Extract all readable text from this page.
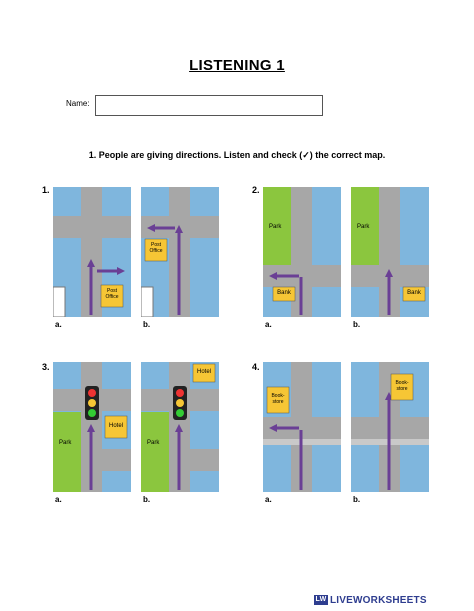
LISTENING 1
Name:
1. People are giving directions. Listen and check (✓) the correct map.
1.
Post
Office
Post
Office
a.	b.
2.
Park
Bank
Park
Bank
a.	b.
3.
Park
Hotel
Park
Hotel
a.	b.
4.
Book-
store
Book-
store
a.	b.
LW LIVEWORKSHEETS
